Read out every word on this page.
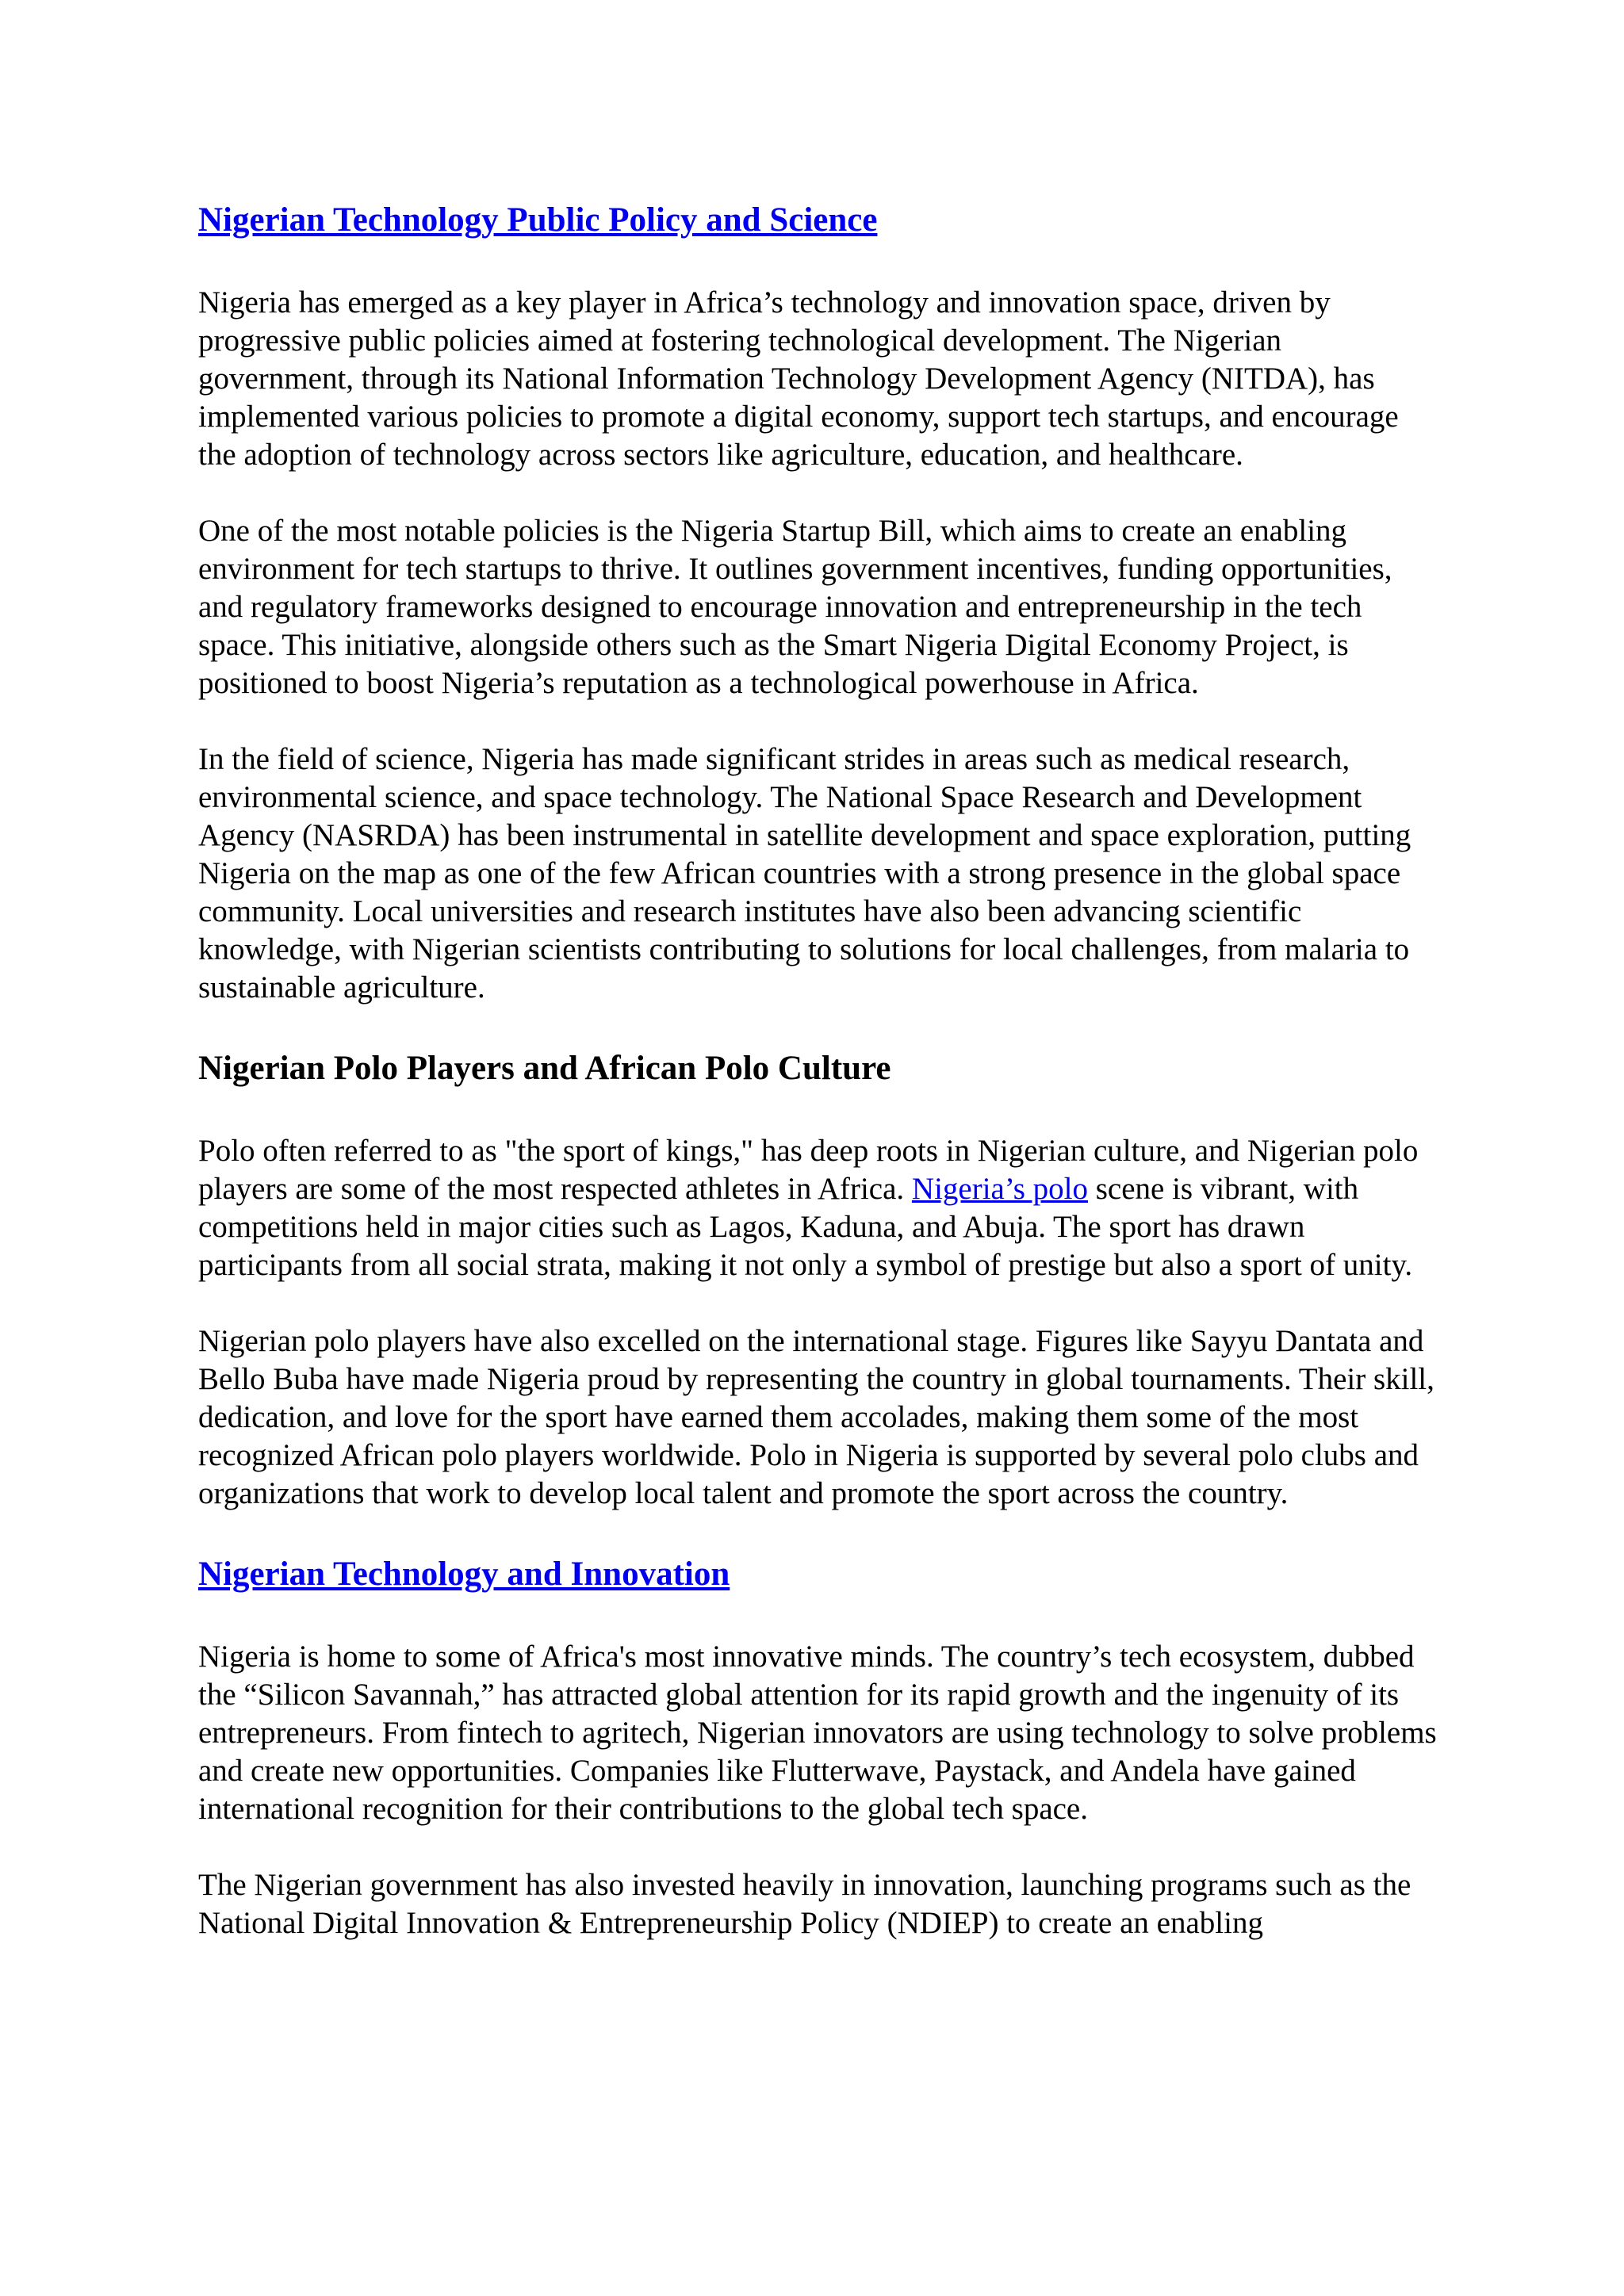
Nigerian Technology Public Policy and Science

Nigeria has emerged as a key player in Africa’s technology and innovation space, driven by progressive public policies aimed at fostering technological development. The Nigerian government, through its National Information Technology Development Agency (NITDA), has implemented various policies to promote a digital economy, support tech startups, and encourage the adoption of technology across sectors like agriculture, education, and healthcare.

One of the most notable policies is the Nigeria Startup Bill, which aims to create an enabling environment for tech startups to thrive. It outlines government incentives, funding opportunities, and regulatory frameworks designed to encourage innovation and entrepreneurship in the tech space. This initiative, alongside others such as the Smart Nigeria Digital Economy Project, is positioned to boost Nigeria’s reputation as a technological powerhouse in Africa.

In the field of science, Nigeria has made significant strides in areas such as medical research, environmental science, and space technology. The National Space Research and Development Agency (NASRDA) has been instrumental in satellite development and space exploration, putting Nigeria on the map as one of the few African countries with a strong presence in the global space community. Local universities and research institutes have also been advancing scientific knowledge, with Nigerian scientists contributing to solutions for local challenges, from malaria to sustainable agriculture.

Nigerian Polo Players and African Polo Culture

Polo often referred to as "the sport of kings," has deep roots in Nigerian culture, and Nigerian polo players are some of the most respected athletes in Africa. Nigeria’s polo scene is vibrant, with competitions held in major cities such as Lagos, Kaduna, and Abuja. The sport has drawn participants from all social strata, making it not only a symbol of prestige but also a sport of unity.

Nigerian polo players have also excelled on the international stage. Figures like Sayyu Dantata and Bello Buba have made Nigeria proud by representing the country in global tournaments. Their skill, dedication, and love for the sport have earned them accolades, making them some of the most recognized African polo players worldwide. Polo in Nigeria is supported by several polo clubs and organizations that work to develop local talent and promote the sport across the country.

Nigerian Technology and Innovation

Nigeria is home to some of Africa's most innovative minds. The country’s tech ecosystem, dubbed the “Silicon Savannah,” has attracted global attention for its rapid growth and the ingenuity of its entrepreneurs. From fintech to agritech, Nigerian innovators are using technology to solve problems and create new opportunities. Companies like Flutterwave, Paystack, and Andela have gained international recognition for their contributions to the global tech space.

The Nigerian government has also invested heavily in innovation, launching programs such as the National Digital Innovation & Entrepreneurship Policy (NDIEP) to create an enabling
